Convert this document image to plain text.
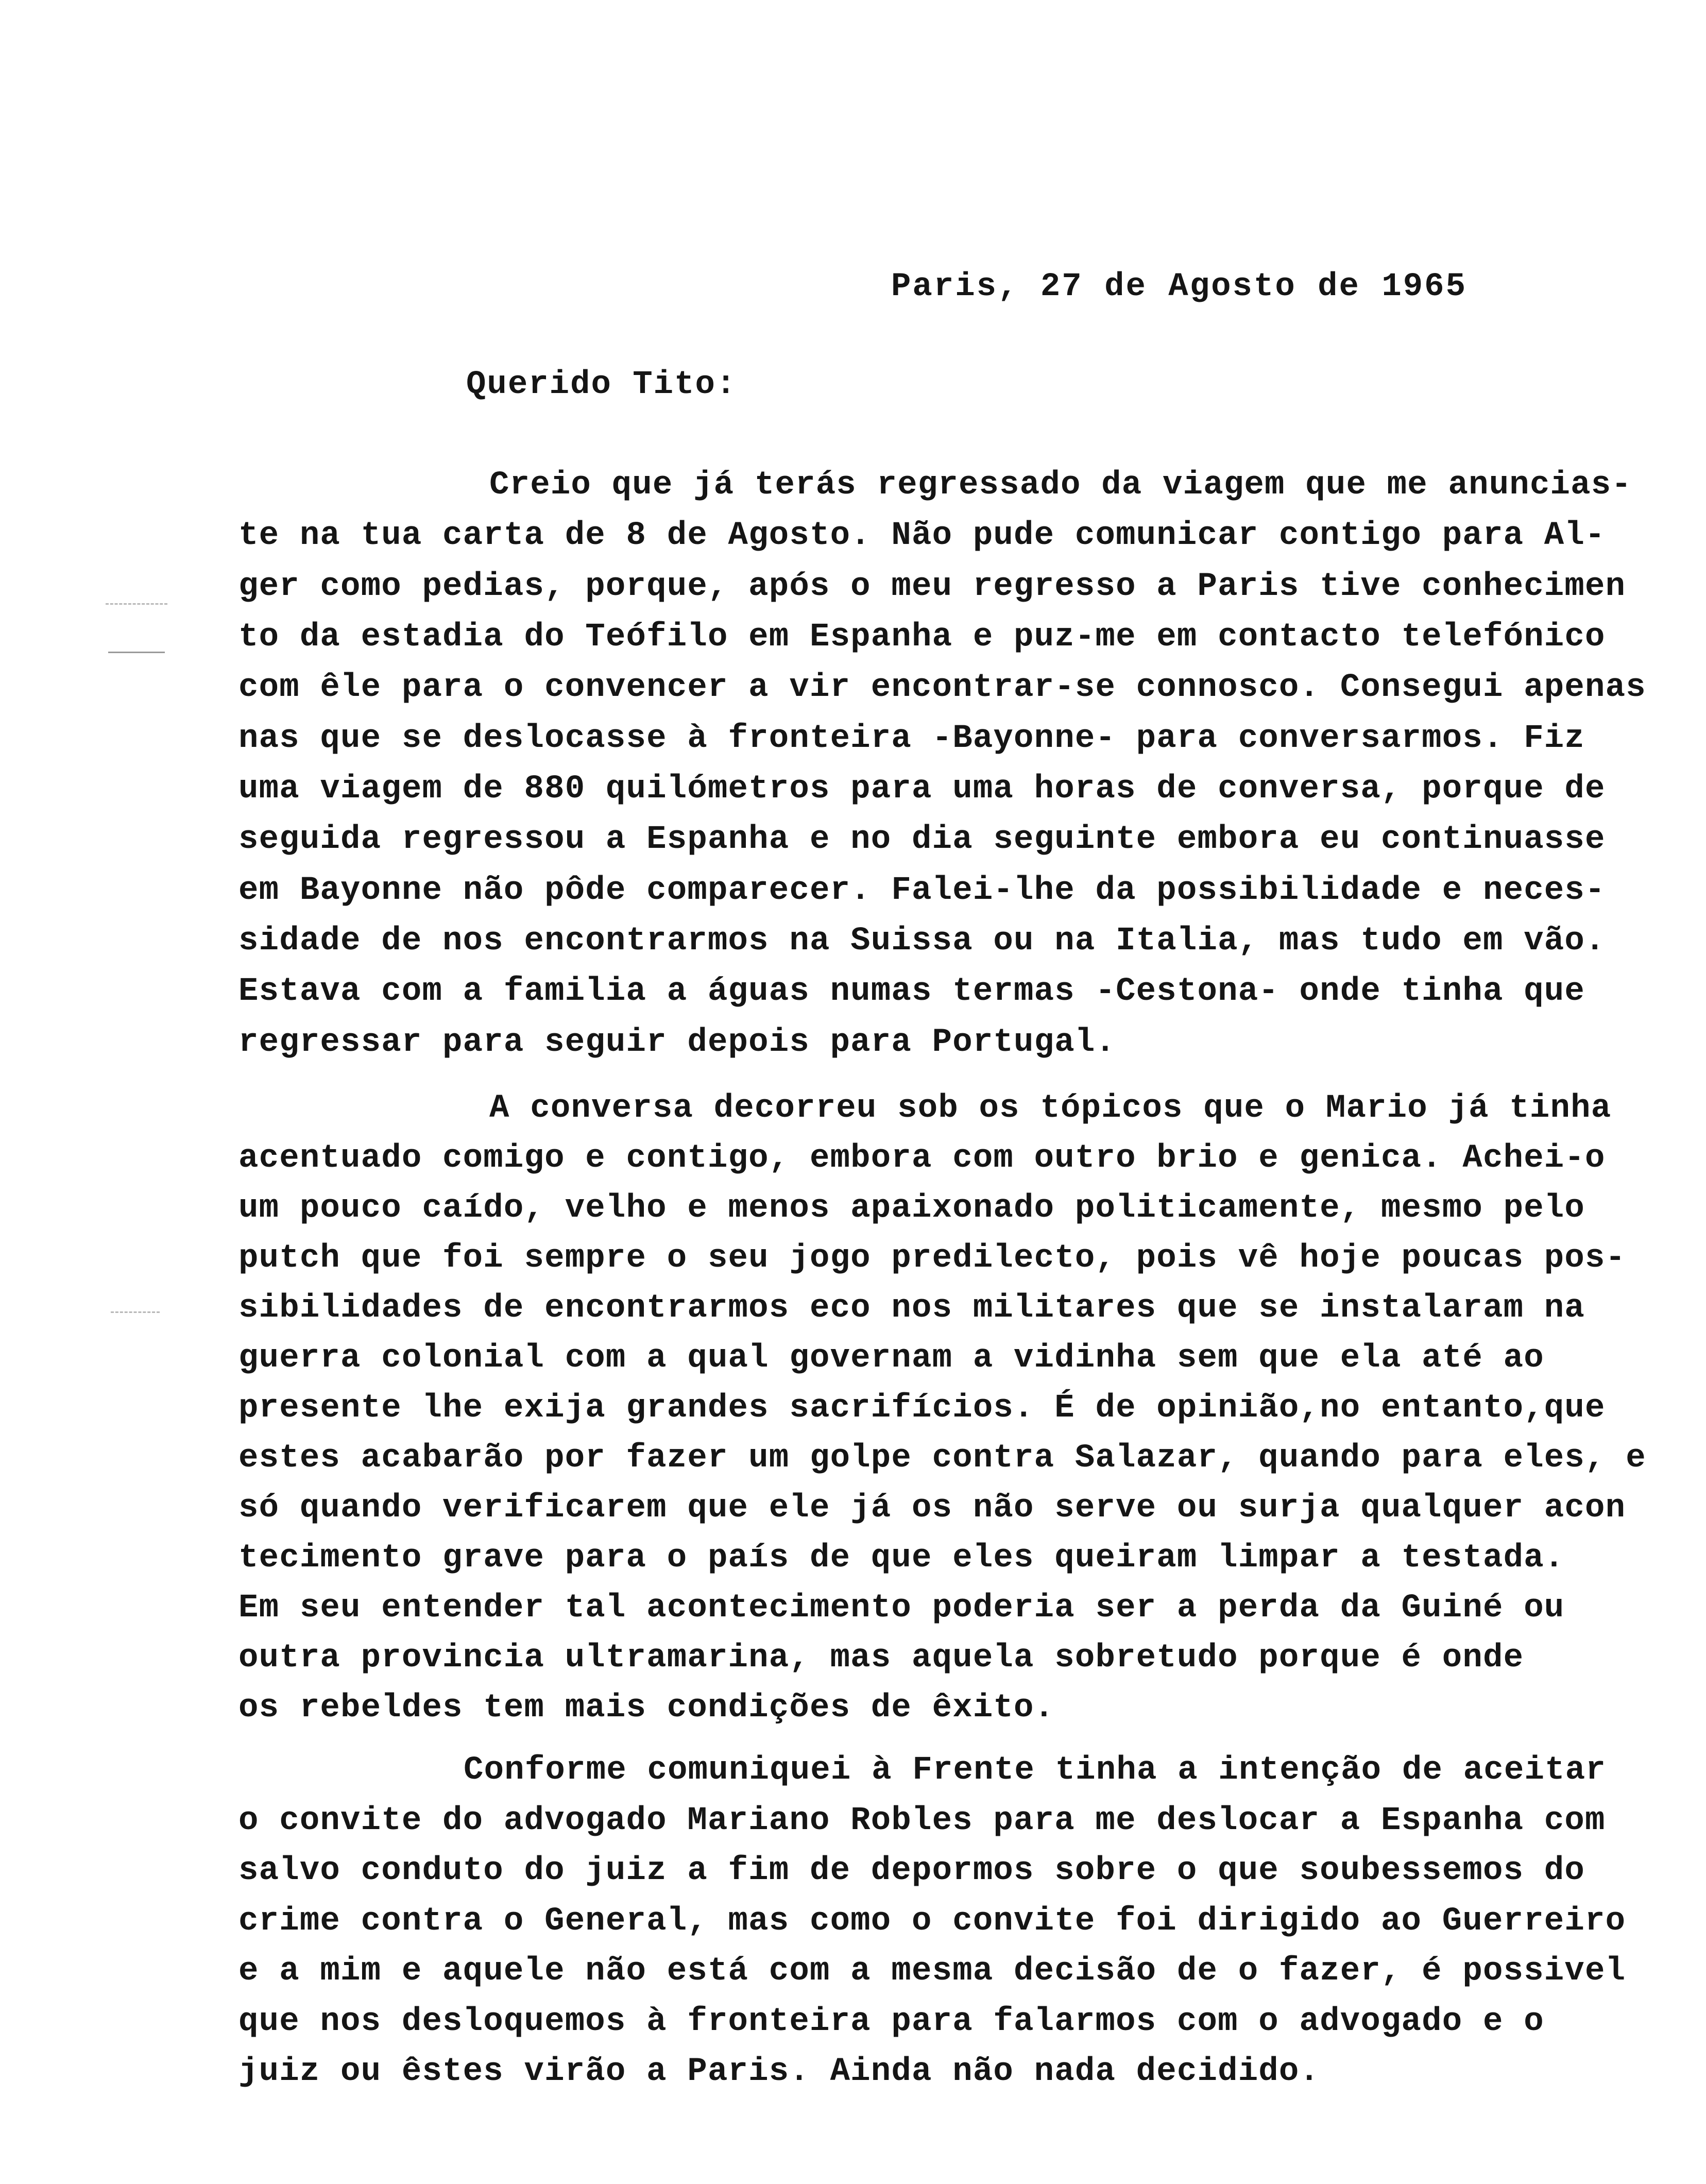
Paris, 27 de Agosto de 1965
Querido Tito:
Creio que já terás regressado da viagem que me anuncias-
te na tua carta de 8 de Agosto. Não pude comunicar contigo para Al-
ger como pedias, porque, após o meu regresso a Paris tive conhecimen
to da estadia do Teófilo em Espanha e puz-me em contacto telefónico
com êle para o convencer a vir encontrar-se connosco. Consegui apenas
nas que se deslocasse à fronteira -Bayonne- para conversarmos. Fiz
uma viagem de 880 quilómetros para uma horas de conversa, porque de
seguida regressou a Espanha e no dia seguinte embora eu continuasse
em Bayonne não pôde comparecer. Falei-lhe da possibilidade e neces-
sidade de nos encontrarmos na Suissa ou na Italia, mas tudo em vão.
Estava com a familia a águas numas termas -Cestona- onde tinha que
regressar para seguir depois para Portugal.
A conversa decorreu sob os tópicos que o Mario já tinha
acentuado comigo e contigo, embora com outro brio e genica. Achei-o
um pouco caído, velho e menos apaixonado politicamente, mesmo pelo
putch que foi sempre o seu jogo predilecto, pois vê hoje poucas pos-
sibilidades de encontrarmos eco nos militares que se instalaram na
guerra colonial com a qual governam a vidinha sem que ela até ao
presente lhe exija grandes sacrifícios. É de opinião,no entanto,que
estes acabarão por fazer um golpe contra Salazar, quando para eles, e
só quando verificarem que ele já os não serve ou surja qualquer acon
tecimento grave para o país de que eles queiram limpar a testada.
Em seu entender tal acontecimento poderia ser a perda da Guiné ou
outra provincia ultramarina, mas aquela sobretudo porque é onde
os rebeldes tem mais condições de êxito.
Conforme comuniquei à Frente tinha a intenção de aceitar
o convite do advogado Mariano Robles para me deslocar a Espanha com
salvo conduto do juiz a fim de depormos sobre o que soubessemos do
crime contra o General, mas como o convite foi dirigido ao Guerreiro
e a mim e aquele não está com a mesma decisão de o fazer, é possivel
que nos desloquemos à fronteira para falarmos com o advogado e o
juiz ou êstes virão a Paris. Ainda não nada decidido.
